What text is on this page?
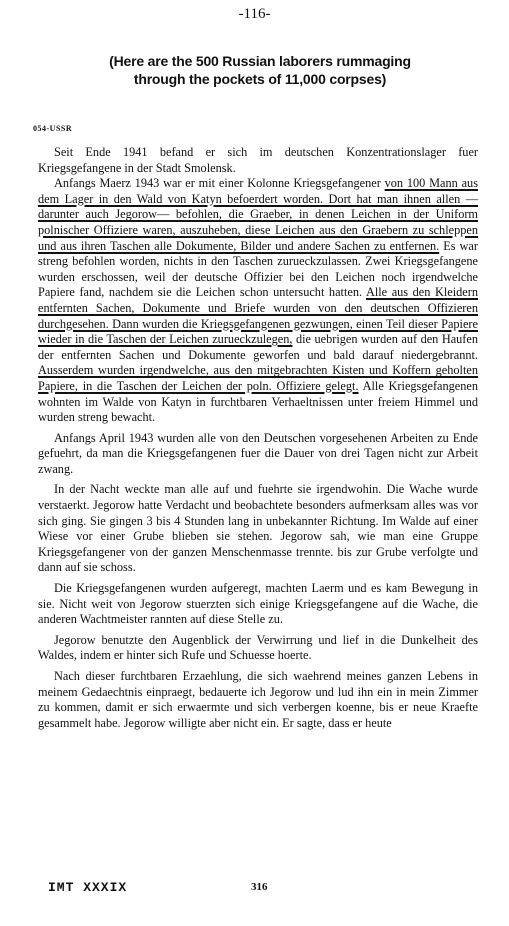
-116-
(Here are the 500 Russian laborers rummaging
through the pockets of 11,000 corpses)
054-USSR

Seit Ende 1941 befand er sich im deutschen Konzentrationslager fuer Kriegsgefangene in der Stadt Smolensk.

Anfangs Maerz 1943 war er mit einer Kolonne Kriegsgefangener von 100 Mann aus dem Lager in den Wald von Katyn befoerdert worden. Dort hat man ihnen allen —darunter auch Jegorow— befohlen, die Graeber, in denen Leichen in der Uniform polnischer Offiziere waren, auszuheben, diese Leichen aus den Graebern zu schleppen und aus ihren Taschen alle Dokumente, Bilder und andere Sachen zu entfernen. Es war streng befohlen worden, nichts in den Taschen zurueckzulassen. Zwei Kriegsgefangene wurden erschossen, weil der deutsche Offizier bei den Leichen noch irgendwelche Papiere fand, nachdem sie die Leichen schon untersucht hatten. Alle aus den Kleidern entfernten Sachen, Dokumente und Briefe wurden von den deutschen Offizieren durchgesehen. Dann wurden die Kriegsgefangenen gezwungen, einen Teil dieser Papiere wieder in die Taschen der Leichen zurueckzulegen, die uebrigen wurden auf den Haufen der entfernten Sachen und Dokumente geworfen und bald darauf niedergebrannt. Ausserdem wurden irgendwelche, aus den mitgebrachten Kisten und Koffern geholten Papiere, in die Taschen der Leichen der poln. Offiziere gelegt. Alle Kriegsgefangenen wohnten im Walde von Katyn in furchtbaren Verhaeltnissen unter freiem Himmel und wurden streng bewacht.

Anfangs April 1943 wurden alle von den Deutschen vorgesehenen Arbeiten zu Ende gefuehrt, da man die Kriegsgefangenen fuer die Dauer von drei Tagen nicht zur Arbeit zwang.

In der Nacht weckte man alle auf und fuehrte sie irgendwohin. Die Wache wurde verstaerkt. Jegorow hatte Verdacht und beobachtete besonders aufmerksam alles was vor sich ging. Sie gingen 3 bis 4 Stunden lang in unbekannter Richtung. Im Walde auf einer Wiese vor einer Grube blieben sie stehen. Jegorow sah, wie man eine Gruppe Kriegsgefangener von der ganzen Menschenmasse trennte. bis zur Grube verfolgte und dann auf sie schoss.

Die Kriegsgefangenen wurden aufgeregt, machten Laerm und es kam Bewegung in sie. Nicht weit von Jegorow stuerzten sich einige Kriegsgefangene auf die Wache, die anderen Wachtmeister rannten auf diese Stelle zu.

Jegorow benutzte den Augenblick der Verwirrung und lief in die Dunkelheit des Waldes, indem er hinter sich Rufe und Schuesse hoerte.

Nach dieser furchtbaren Erzaehlung, die sich waehrend meines ganzen Lebens in meinem Gedaechtnis einpraegt, bedauerte ich Jegorow und lud ihn ein in mein Zimmer zu kommen, damit er sich erwaermte und sich verbergen koenne, bis er neue Kraefte gesammelt habe. Jegorow willigte aber nicht ein. Er sagte, dass er heute

IMT XXXIX	316
